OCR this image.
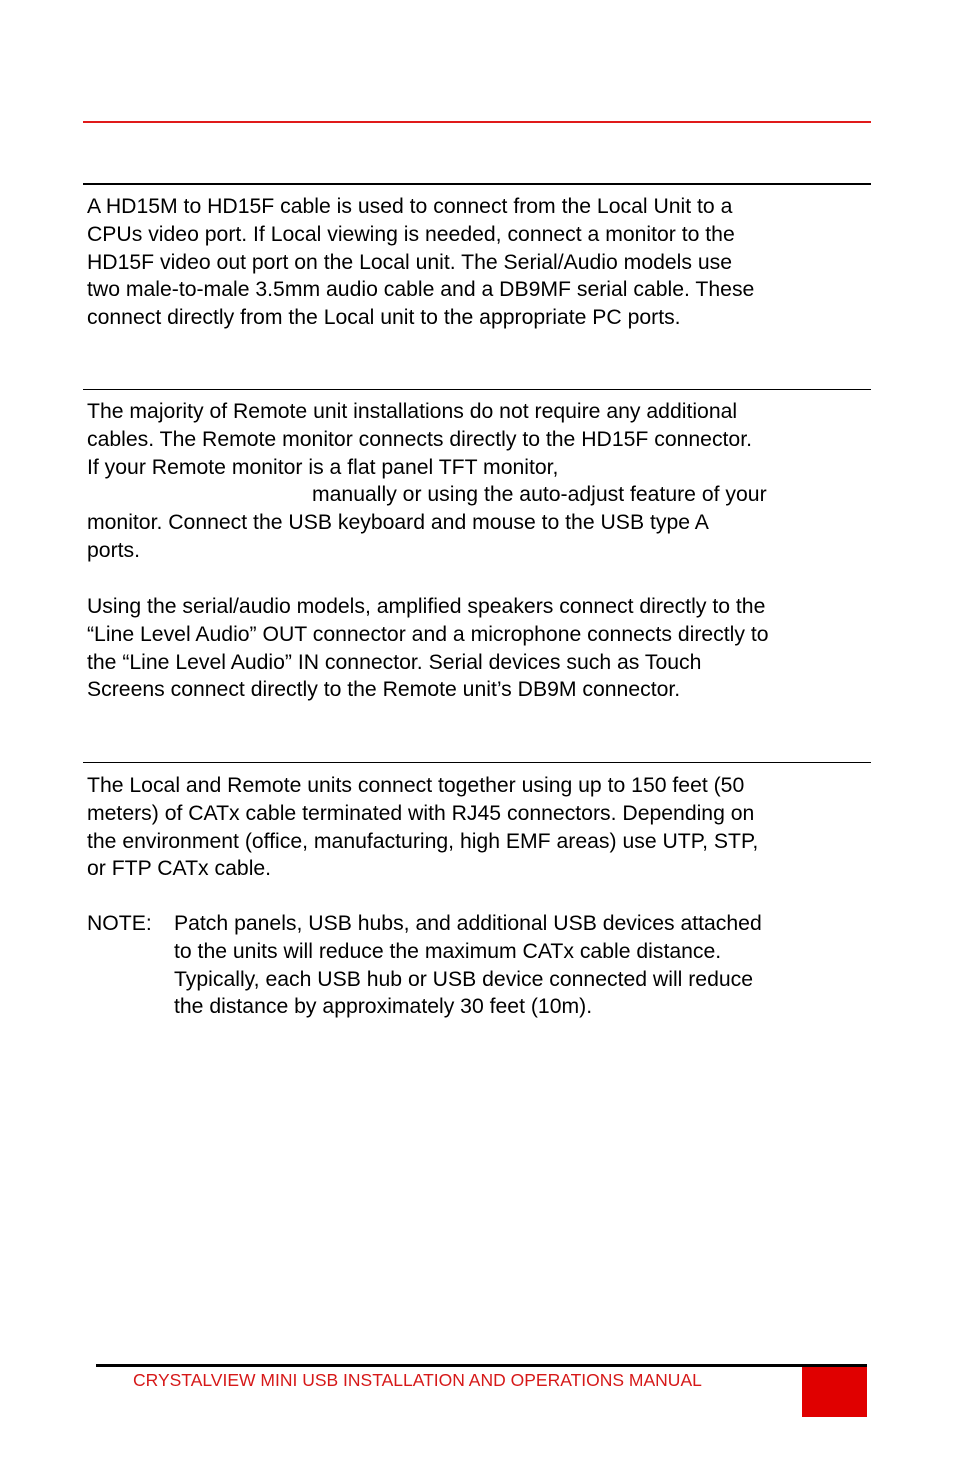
A HD15M to HD15F cable is used to connect from the Local Unit to a
CPUs video port. If Local viewing is needed, connect a monitor to the
HD15F video out port on the Local unit. The Serial/Audio models use
two male-to-male 3.5mm audio cable and a DB9MF serial cable. These
connect directly from the Local unit to the appropriate PC ports.
The majority of Remote unit installations do not require any additional
cables. The Remote monitor connects directly to the HD15F connector.
If your Remote monitor is a flat panel TFT monitor,
manually or using the auto-adjust feature of your
monitor. Connect the USB keyboard and mouse to the USB type A
ports.
Using the serial/audio models, amplified speakers connect directly to the
“Line Level Audio” OUT connector and a microphone connects directly to
the “Line Level Audio” IN connector. Serial devices such as Touch
Screens connect directly to the Remote unit’s DB9M connector.
The Local and Remote units connect together using up to 150 feet (50
meters) of CATx cable terminated with RJ45 connectors. Depending on
the environment (office, manufacturing, high EMF areas) use UTP, STP,
or FTP CATx cable.
NOTE: Patch panels, USB hubs, and additional USB devices attached
to the units will reduce the maximum CATx cable distance.
Typically, each USB hub or USB device connected will reduce
the distance by approximately 30 feet (10m).
CRYSTALVIEW MINI USB INSTALLATION AND OPERATIONS MANUAL
